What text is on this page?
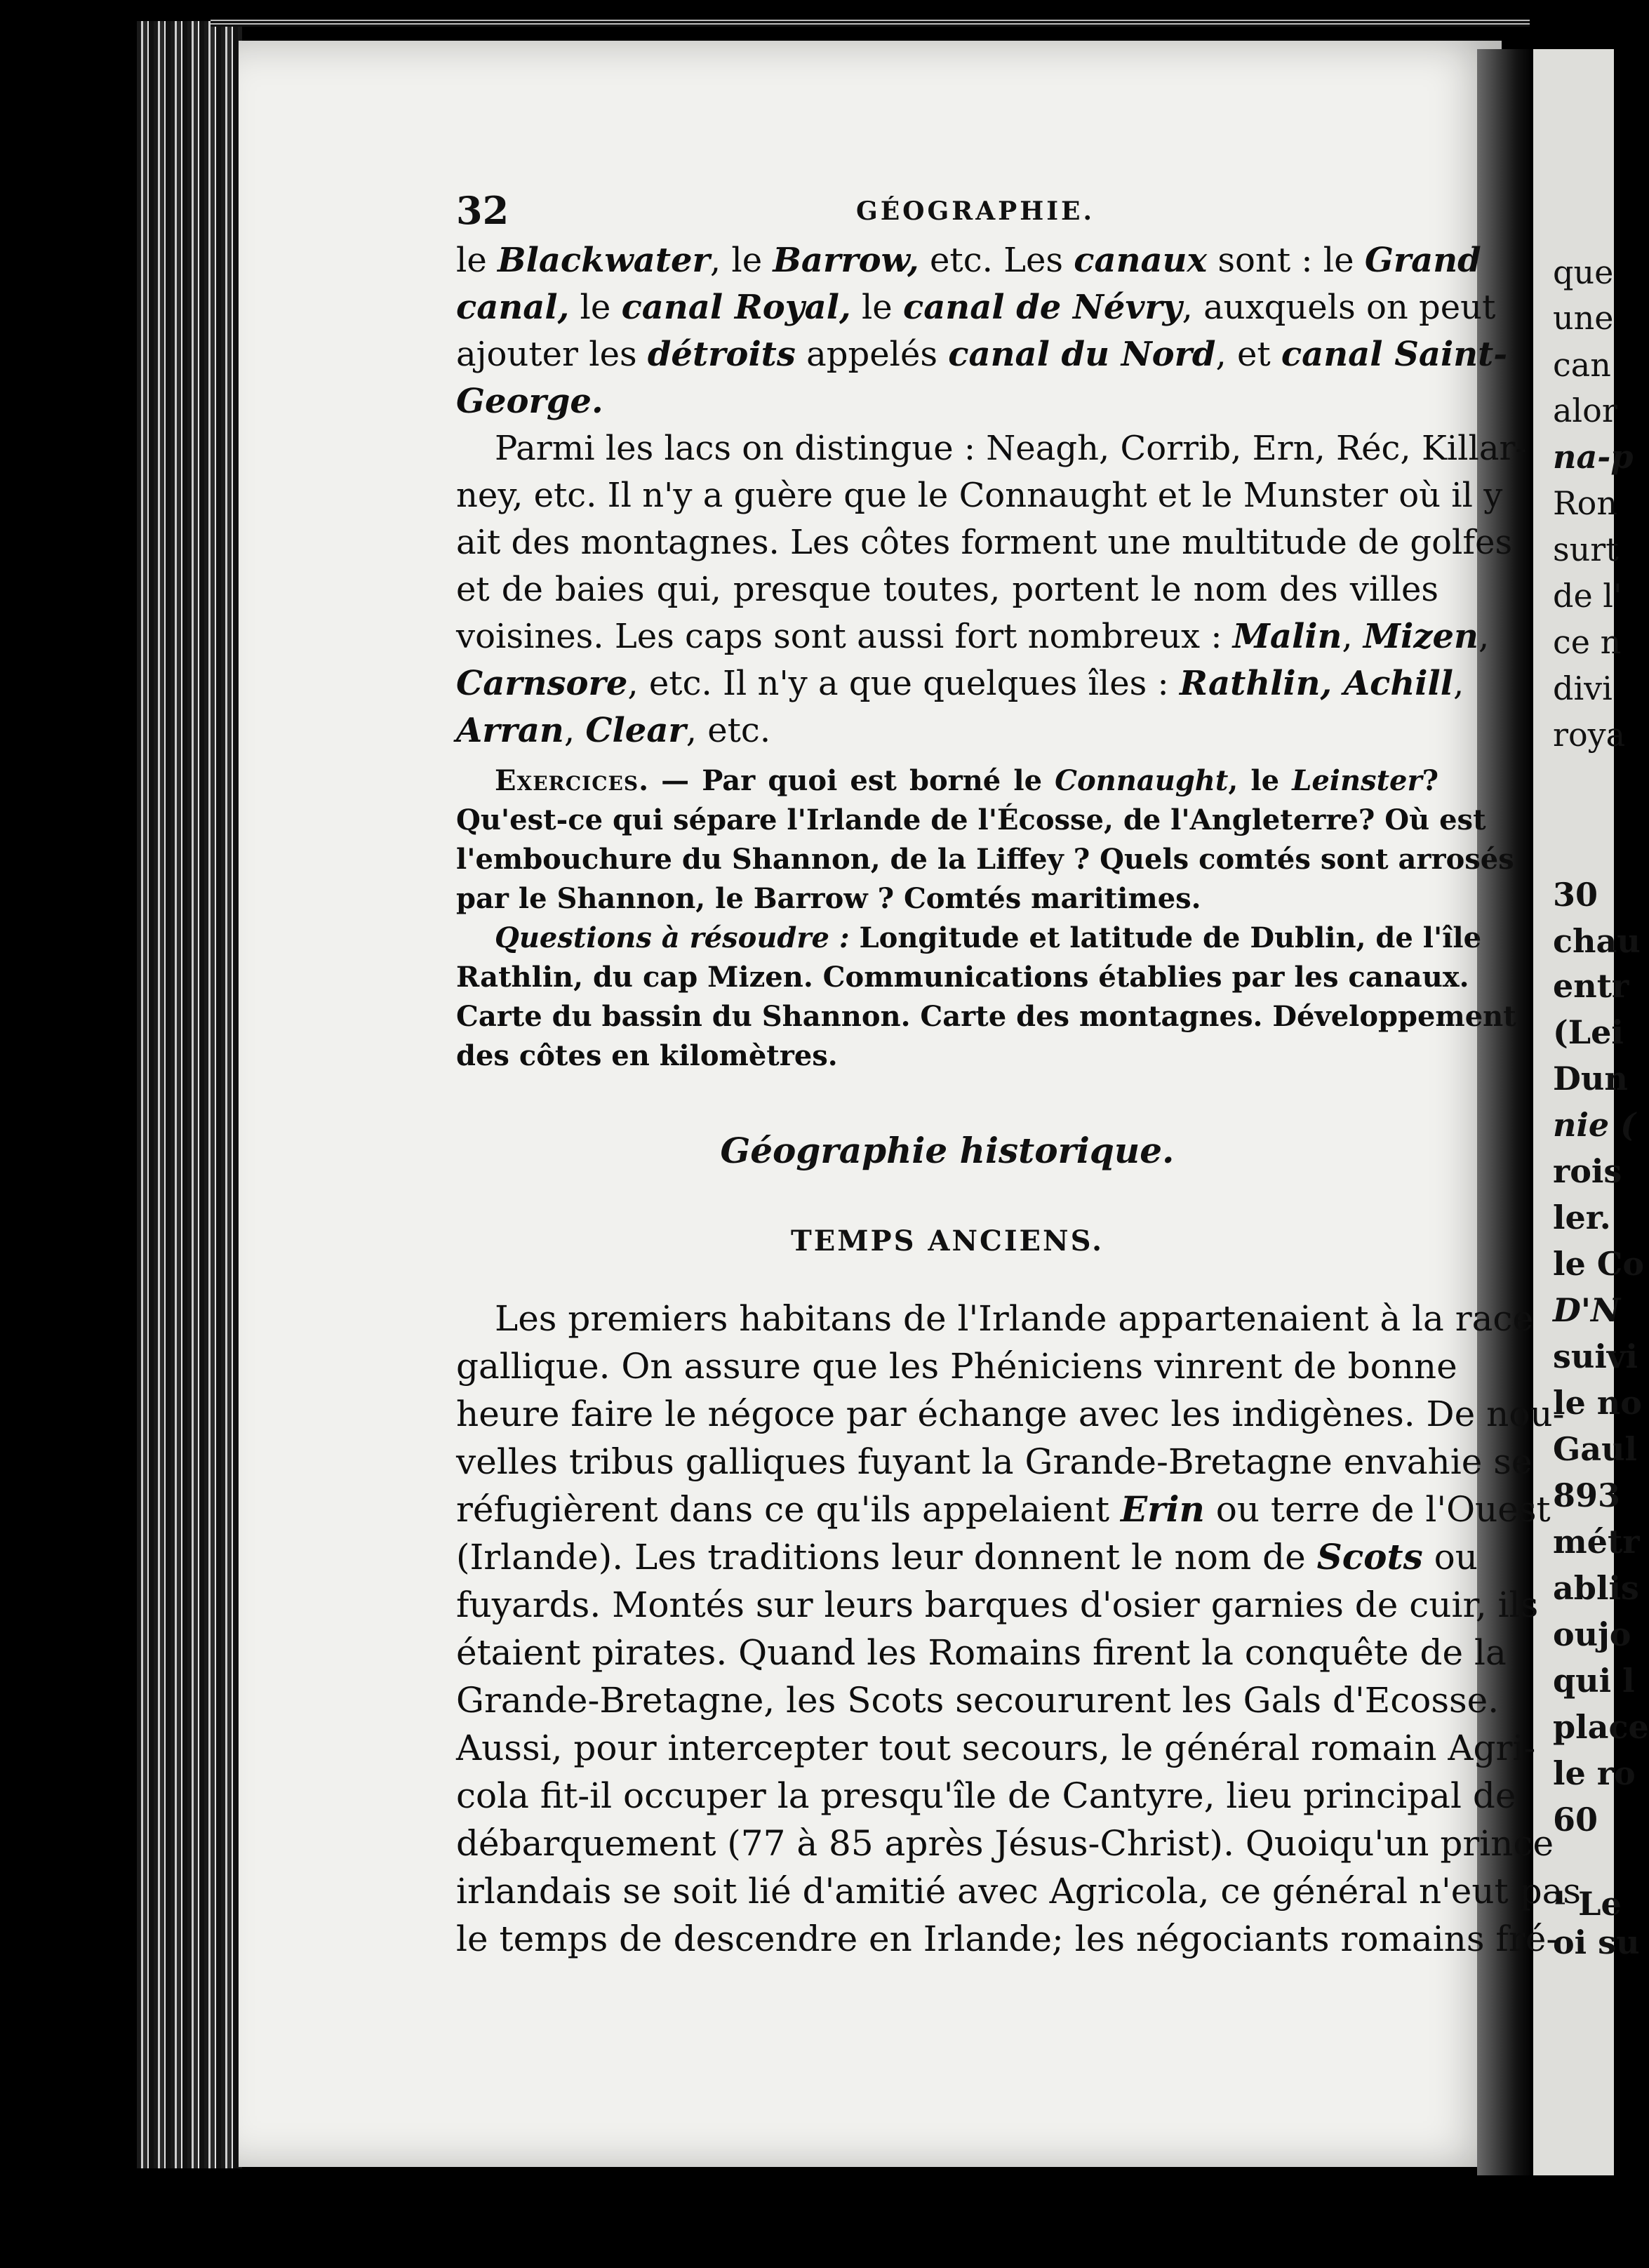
que
une
can
alor
na-p
Ron
surt
de l'
ce n
divi
roya
30
chau
entr
(Lei
Dun
nie (
rois
ler.
le Co
D'N
suivi
le no
Gaul
893
métr
ablis
oujo
qui l
place
le ro
60
¹ Le
oi su
32	GÉOGRAPHIE.
le Blackwater, le Barrow, etc. Les canaux sont : le Grand
canal, le canal Royal, le canal de Névry, auxquels on peut
ajouter les détroits appelés canal du Nord, et canal Saint-
George.
Parmi les lacs on distingue : Neagh, Corrib, Ern, Réc, Killar-
ney, etc. Il n'y a guère que le Connaught et le Munster où il y
ait des montagnes. Les côtes forment une multitude de golfes
et de baies qui, presque toutes, portent le nom des villes
voisines. Les caps sont aussi fort nombreux : Malin, Mizen,
Carnsore, etc. Il n'y a que quelques îles : Rathlin, Achill,
Arran, Clear, etc.
Exercices. — Par quoi est borné le Connaught, le Leinster?
Qu'est-ce qui sépare l'Irlande de l'Écosse, de l'Angleterre? Où est
l'embouchure du Shannon, de la Liffey ? Quels comtés sont arrosés
par le Shannon, le Barrow ? Comtés maritimes.
Questions à résoudre : Longitude et latitude de Dublin, de l'île
Rathlin, du cap Mizen. Communications établies par les canaux.
Carte du bassin du Shannon. Carte des montagnes. Développement
des côtes en kilomètres.
Géographie historique.
TEMPS ANCIENS.
Les premiers habitans de l'Irlande appartenaient à la race
gallique. On assure que les Phéniciens vinrent de bonne
heure faire le négoce par échange avec les indigènes. De nou-
velles tribus galliques fuyant la Grande-Bretagne envahie se
réfugièrent dans ce qu'ils appelaient Erin ou terre de l'Ouest
(Irlande). Les traditions leur donnent le nom de Scots ou
fuyards. Montés sur leurs barques d'osier garnies de cuir, ils
étaient pirates. Quand les Romains firent la conquête de la
Grande-Bretagne, les Scots secoururent les Gals d'Ecosse.
Aussi, pour intercepter tout secours, le général romain Agri-
cola fit-il occuper la presqu'île de Cantyre, lieu principal de
débarquement (77 à 85 après Jésus-Christ). Quoiqu'un prince
irlandais se soit lié d'amitié avec Agricola, ce général n'eut pas
le temps de descendre en Irlande; les négociants romains fré-
